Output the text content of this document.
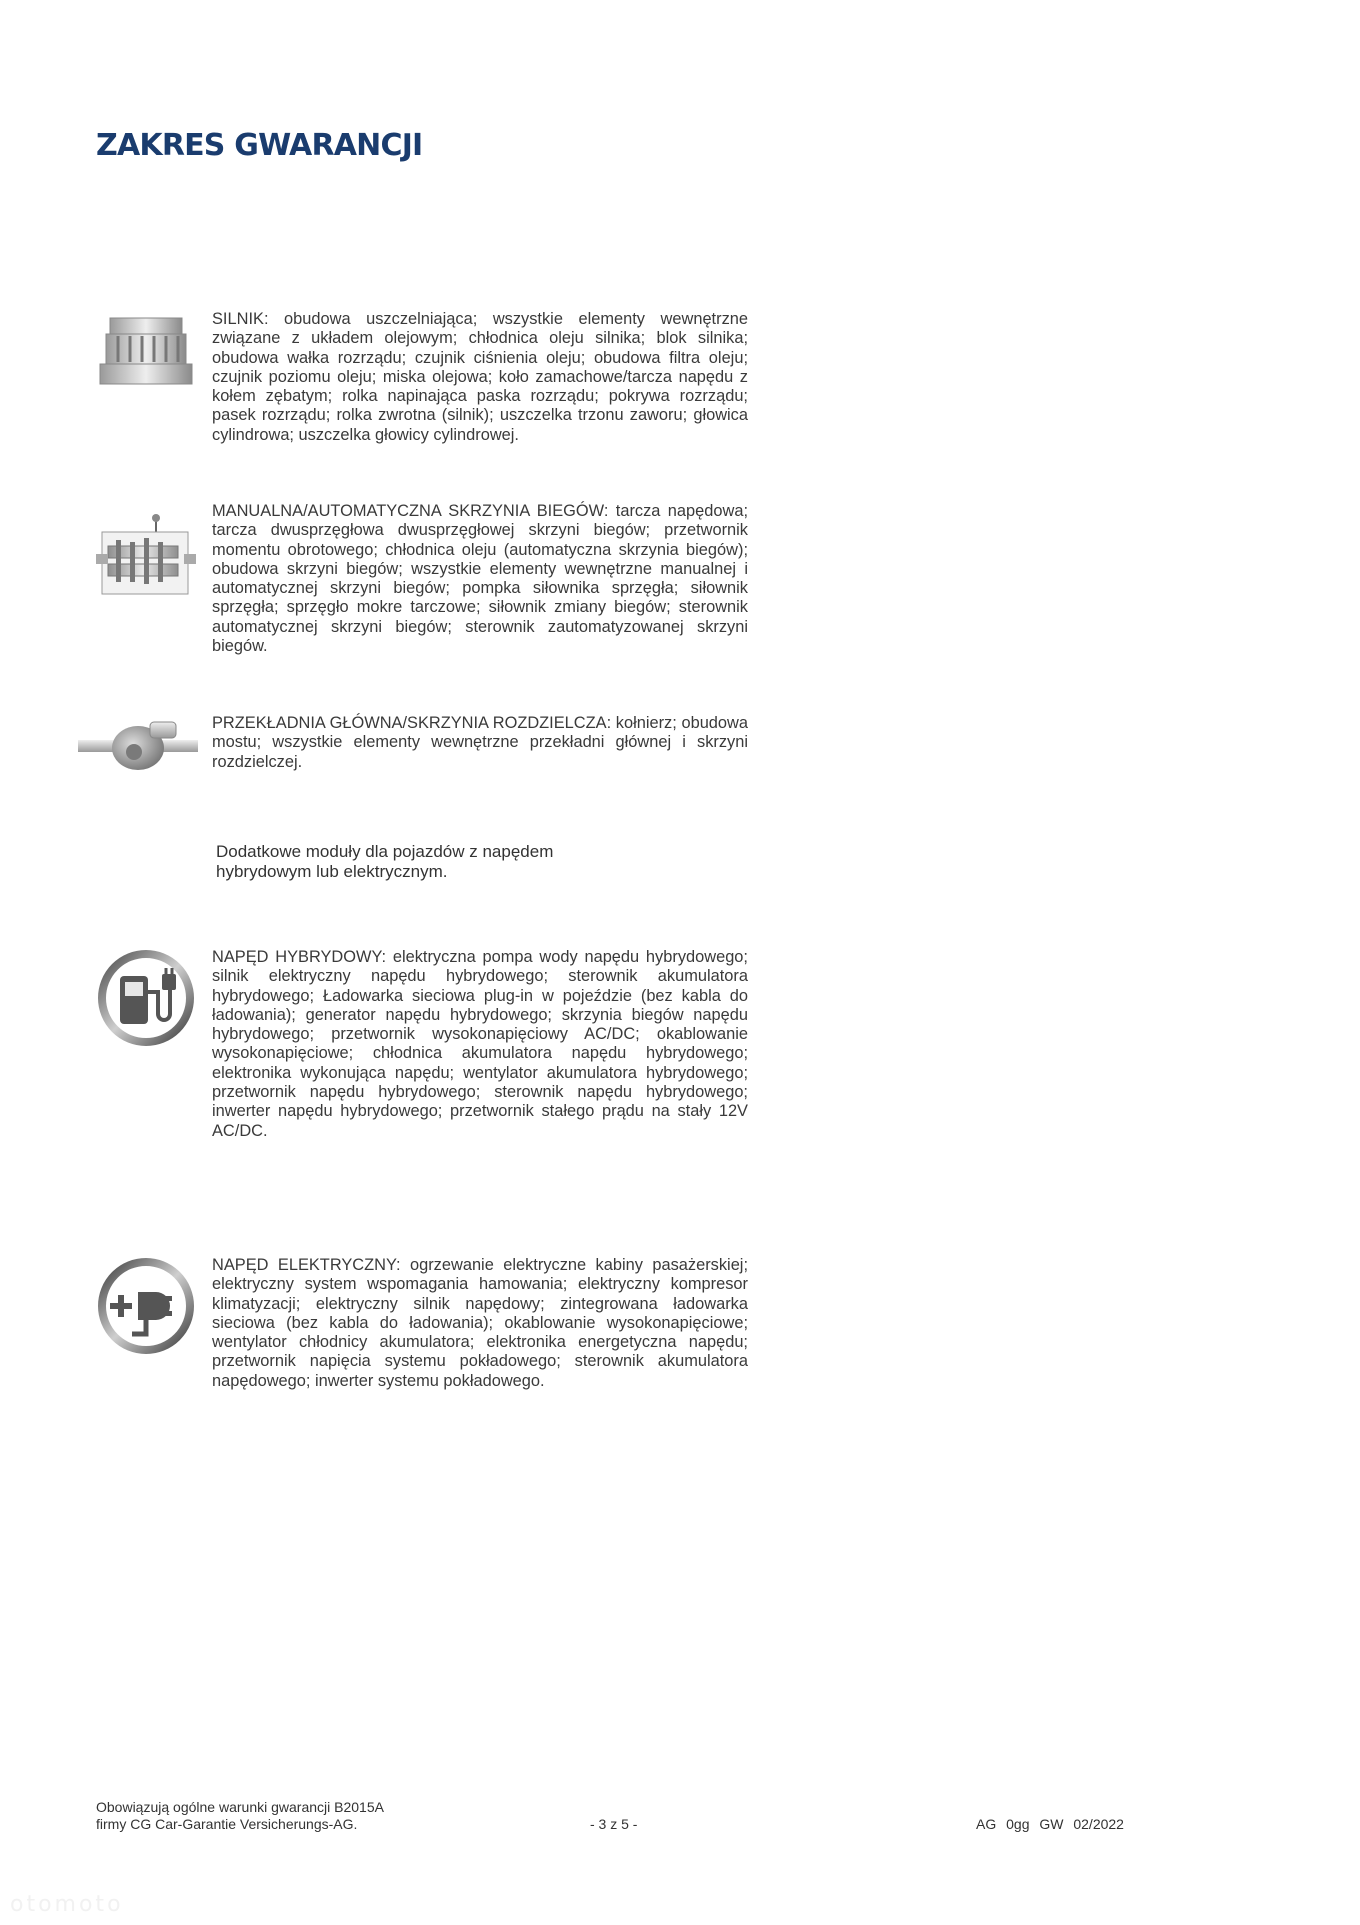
ZAKRES GWARANCJI
SILNIK: obudowa uszczelniająca; wszystkie elementy wewnętrzne związane z układem olejowym; chłodnica oleju silnika; blok silnika; obudowa wałka rozrządu; czujnik ciśnienia oleju; obudowa filtra oleju; czujnik poziomu oleju; miska olejowa; koło zamachowe/tarcza napędu z kołem zębatym; rolka napinająca paska rozrządu; pokrywa rozrządu; pasek rozrządu; rolka zwrotna (silnik); uszczelka trzonu zaworu; głowica cylindrowa; uszczelka głowicy cylindrowej.
MANUALNA/AUTOMATYCZNA SKRZYNIA BIEGÓW: tarcza napędowa; tarcza dwusprzęgłowa dwusprzęgłowej skrzyni biegów; przetwornik momentu obrotowego; chłodnica oleju (automatyczna skrzynia biegów); obudowa skrzyni biegów; wszystkie elementy wewnętrzne manualnej i automatycznej skrzyni biegów; pompka siłownika sprzęgła; siłownik sprzęgła; sprzęgło mokre tarczowe; siłownik zmiany biegów; sterownik automatycznej skrzyni biegów; sterownik zautomatyzowanej skrzyni biegów.
PRZEKŁADNIA GŁÓWNA/SKRZYNIA ROZDZIELCZA: kołnierz; obudowa mostu; wszystkie elementy wewnętrzne przekładni głównej i skrzyni rozdzielczej.
Dodatkowe moduły dla pojazdów z napędem hybrydowym lub elektrycznym.
NAPĘD HYBRYDOWY: elektryczna pompa wody napędu hybrydowego; silnik elektryczny napędu hybrydowego; sterownik akumulatora hybrydowego; Ładowarka sieciowa plug-in w pojeździe (bez kabla do ładowania); generator napędu hybrydowego; skrzynia biegów napędu hybrydowego; przetwornik wysokonapięciowy AC/DC; okablowanie wysokonapięciowe; chłodnica akumulatora napędu hybrydowego; elektronika wykonująca napędu; wentylator akumulatora hybrydowego; przetwornik napędu hybrydowego; sterownik napędu hybrydowego; inwerter napędu hybrydowego; przetwornik stałego prądu na stały 12V AC/DC.
NAPĘD ELEKTRYCZNY: ogrzewanie elektryczne kabiny pasażerskiej; elektryczny system wspomagania hamowania; elektryczny kompresor klimatyzacji; elektryczny silnik napędowy; zintegrowana ładowarka sieciowa (bez kabla do ładowania); okablowanie wysokonapięciowe; wentylator chłodnicy akumulatora; elektronika energetyczna napędu; przetwornik napięcia systemu pokładowego; sterownik akumulatora napędowego; inwerter systemu pokładowego.
Obowiązują ogólne warunki gwarancji B2015A
firmy CG Car-Garantie Versicherungs-AG.	- 3 z 5 -	AG 0gg GW 02/2022
otomoto
